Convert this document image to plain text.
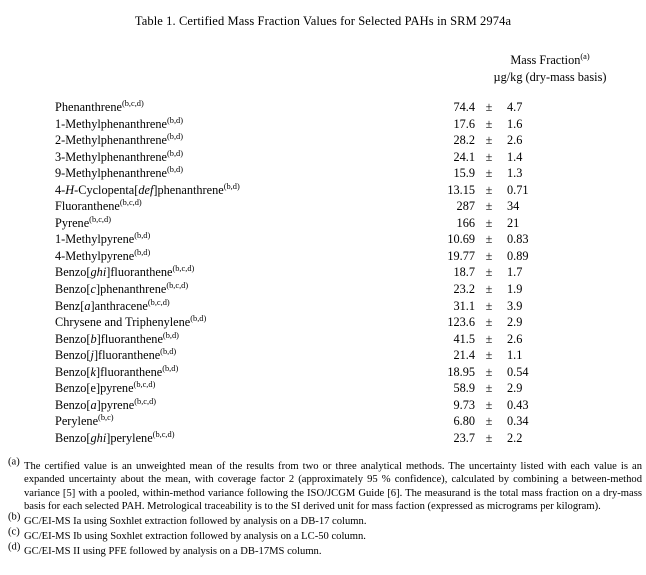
Table 1. Certified Mass Fraction Values for Selected PAHs in SRM 2974a
Mass Fraction$^{(a)}$
µg/kg (dry-mass basis)
Phenanthrene$^{(b,c,d)}$	74.4 ±	4.7
1-Methylphenanthrene$^{(b,d)}$	17.6 ±	1.6
2-Methylphenanthrene$^{(b,d)}$	28.2 ±	2.6
3-Methylphenanthrene$^{(b,d)}$	24.1 ±	1.4
9-Methylphenanthrene$^{(b,d)}$	15.9 ±	1.3
4-H-Cyclopenta[def]phenanthrene$^{(b,d)}$	13.15 ±	0.71
Fluoranthene$^{(b,c,d)}$	287 ±	34
Pyrene$^{(b,c,d)}$	166 ±	21
1-Methylpyrene$^{(b,d)}$	10.69 ±	0.83
4-Methylpyrene$^{(b,d)}$	19.77 ±	0.89
Benzo[ghi]fluoranthene$^{(b,c,d)}$	18.7 ±	1.7
Benzo[c]phenanthrene$^{(b,c,d)}$	23.2 ±	1.9
Benz[a]anthracene$^{(b,c,d)}$	31.1 ±	3.9
Chrysene and Triphenylene$^{(b,d)}$	123.6 ±	2.9
Benzo[b]fluoranthene$^{(b,d)}$	41.5 ±	2.6
Benzo[j]fluoranthene$^{(b,d)}$	21.4 ±	1.1
Benzo[k]fluoranthene$^{(b,d)}$	18.95 ±	0.54
Benzo[e]pyrene$^{(b,c,d)}$	58.9 ±	2.9
Benzo[a]pyrene$^{(b,c,d)}$	9.73 ±	0.43
Perylene$^{(b,c)}$	6.80 ±	0.34
Benzo[ghi]perylene$^{(b,c,d)}$	23.7 ±	2.2
$^{(a)}$ The certified value is an unweighted mean of the results from two or three analytical methods. The uncertainty listed with each value is an expanded uncertainty about the mean, with coverage factor 2 (approximately 95 % confidence), calculated by combining a between-method variance [5] with a pooled, within-method variance following the ISO/JCGM Guide [6]. The measurand is the total mass fraction on a dry-mass basis for each selected PAH. Metrological traceability is to the SI derived unit for mass faction (expressed as micrograms per kilogram).
$^{(b)}$ GC/EI-MS Ia using Soxhlet extraction followed by analysis on a DB-17 column.
$^{(c)}$ GC/EI-MS Ib using Soxhlet extraction followed by analysis on a LC-50 column.
$^{(d)}$ GC/EI-MS II using PFE followed by analysis on a DB-17MS column.
